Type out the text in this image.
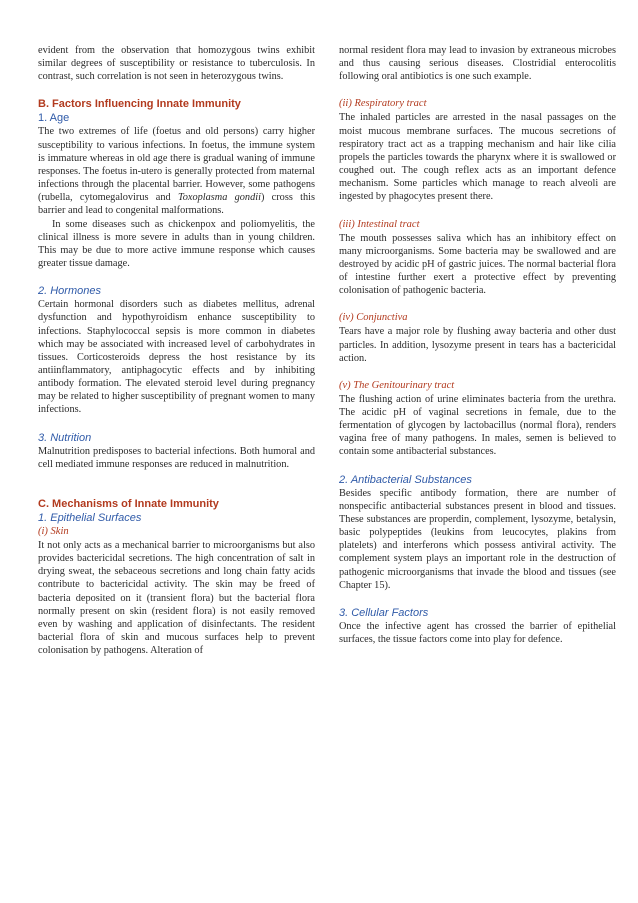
evident from the observation that homozygous twins exhibit similar degrees of susceptibility or resistance to tuberculosis. In contrast, such correlation is not seen in heterozygous twins.

B. Factors Influencing Innate Immunity
1. Age

The two extremes of life (foetus and old persons) carry higher susceptibility to various infections. In foetus, the immune system is immature whereas in old age there is gradual waning of immune responses. The foetus in-utero is generally protected from maternal infections through the placental barrier. However, some pathogens (rubella, cytomegalovirus and Toxoplasma gondii) cross this barrier and lead to congenital malformations.

In some diseases such as chickenpox and poliomyelitis, the clinical illness is more severe in adults than in young children. This may be due to more active immune response which causes greater tissue damage.

2. Hormones

Certain hormonal disorders such as diabetes mellitus, adrenal dysfunction and hypothyroidism enhance susceptibility to infections. Staphylococcal sepsis is more common in diabetes which may be associated with increased level of carbohydrates in tissues. Corticosteroids depress the host resistance by its antiinflammatory, antiphagocytic effects and by inhibiting antibody formation. The elevated steroid level during pregnancy may be related to higher susceptibility of pregnant women to many infections.

3. Nutrition

Malnutrition predisposes to bacterial infections. Both humoral and cell mediated immune responses are reduced in malnutrition.

C. Mechanisms of Innate Immunity
1. Epithelial Surfaces
(i) Skin

It not only acts as a mechanical barrier to microorganisms but also provides bactericidal secretions. The high concentration of salt in drying sweat, the sebaceous secretions and long chain fatty acids contribute to bactericidal activity. The skin may be freed of bacteria deposited on it (transient flora) but the bacterial flora normally present on skin (resident flora) is not easily removed even by washing and application of disinfectants. The resident bacterial flora of skin and mucous surfaces help to prevent colonisation by pathogens. Alteration of

normal resident flora may lead to invasion by extraneous microbes and thus causing serious diseases. Clostridial enterocolitis following oral antibiotics is one such example.

(ii) Respiratory tract

The inhaled particles are arrested in the nasal passages on the moist mucous membrane surfaces. The mucous secretions of respiratory tract act as a trapping mechanism and hair like cilia propels the particles towards the pharynx where it is swallowed or coughed out. The cough reflex acts as an important defence mechanism. Some particles which manage to reach alveoli are ingested by phagocytes present there.

(iii) Intestinal tract

The mouth possesses saliva which has an inhibitory effect on many microorganisms. Some bacteria may be swallowed and are destroyed by acidic pH of gastric juices. The normal bacterial flora of intestine further exert a protective effect by preventing colonisation of pathogenic bacteria.

(iv) Conjunctiva

Tears have a major role by flushing away bacteria and other dust particles. In addition, lysozyme present in tears has a bactericidal action.

(v) The Genitourinary tract

The flushing action of urine eliminates bacteria from the urethra. The acidic pH of vaginal secretions in female, due to the fermentation of glycogen by lactobacillus (normal flora), renders vagina free of many pathogens. In males, semen is believed to contain some antibacterial substances.

2. Antibacterial Substances

Besides specific antibody formation, there are number of nonspecific antibacterial substances present in blood and tissues. These substances are properdin, complement, lysozyme, betalysin, basic polypeptides (leukins from leucocytes, plakins from platelets) and interferons which possess antiviral activity. The complement system plays an important role in the destruction of pathogenic microorganisms that invade the blood and tissues (see Chapter 15).

3. Cellular Factors

Once the infective agent has crossed the barrier of epithelial surfaces, the tissue factors come into play for defence.
